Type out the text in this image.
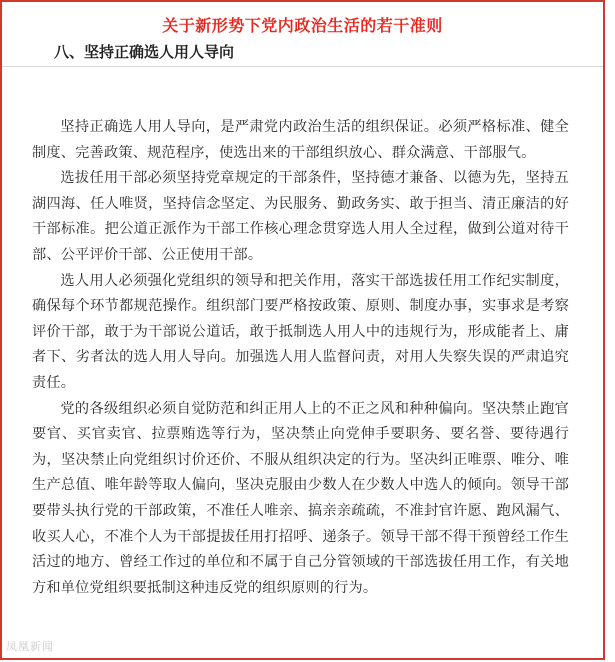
关于新形势下党内政治生活的若干准则
八、坚持正确选人用人导向

坚持正确选人用人导向，是严肃党内政治生活的组织保证。必须严格标准、健全制度、完善政策、规范程序，使选出来的干部组织放心、群众满意、干部服气。

选拔任用干部必须坚持党章规定的干部条件，坚持德才兼备、以德为先，坚持五湖四海、任人唯贤，坚持信念坚定、为民服务、勤政务实、敢于担当、清正廉洁的好干部标准。把公道正派作为干部工作核心理念贯穿选人用人全过程，做到公道对待干部、公平评价干部、公正使用干部。

选人用人必须强化党组织的领导和把关作用，落实干部选拔任用工作纪实制度，确保每个环节都规范操作。组织部门要严格按政策、原则、制度办事，实事求是考察评价干部，敢于为干部说公道话，敢于抵制选人用人中的违规行为，形成能者上、庸者下、劣者汰的选人用人导向。加强选人用人监督问责，对用人失察失误的严肃追究责任。

党的各级组织必须自觉防范和纠正用人上的不正之风和种种偏向。坚决禁止跑官要官、买官卖官、拉票贿选等行为，坚决禁止向党伸手要职务、要名誉、要待遇行为，坚决禁止向党组织讨价还价、不服从组织决定的行为。坚决纠正唯票、唯分、唯生产总值、唯年龄等取人偏向，坚决克服由少数人在少数人中选人的倾向。领导干部要带头执行党的干部政策，不准任人唯亲、搞亲亲疏疏，不准封官许愿、跑风漏气、收买人心，不准个人为干部提拔任用打招呼、递条子。领导干部不得干预曾经工作生活过的地方、曾经工作过的单位和不属于自己分管领域的干部选拔任用工作，有关地方和单位党组织要抵制这种违反党的组织原则的行为。

凤凰新闻
